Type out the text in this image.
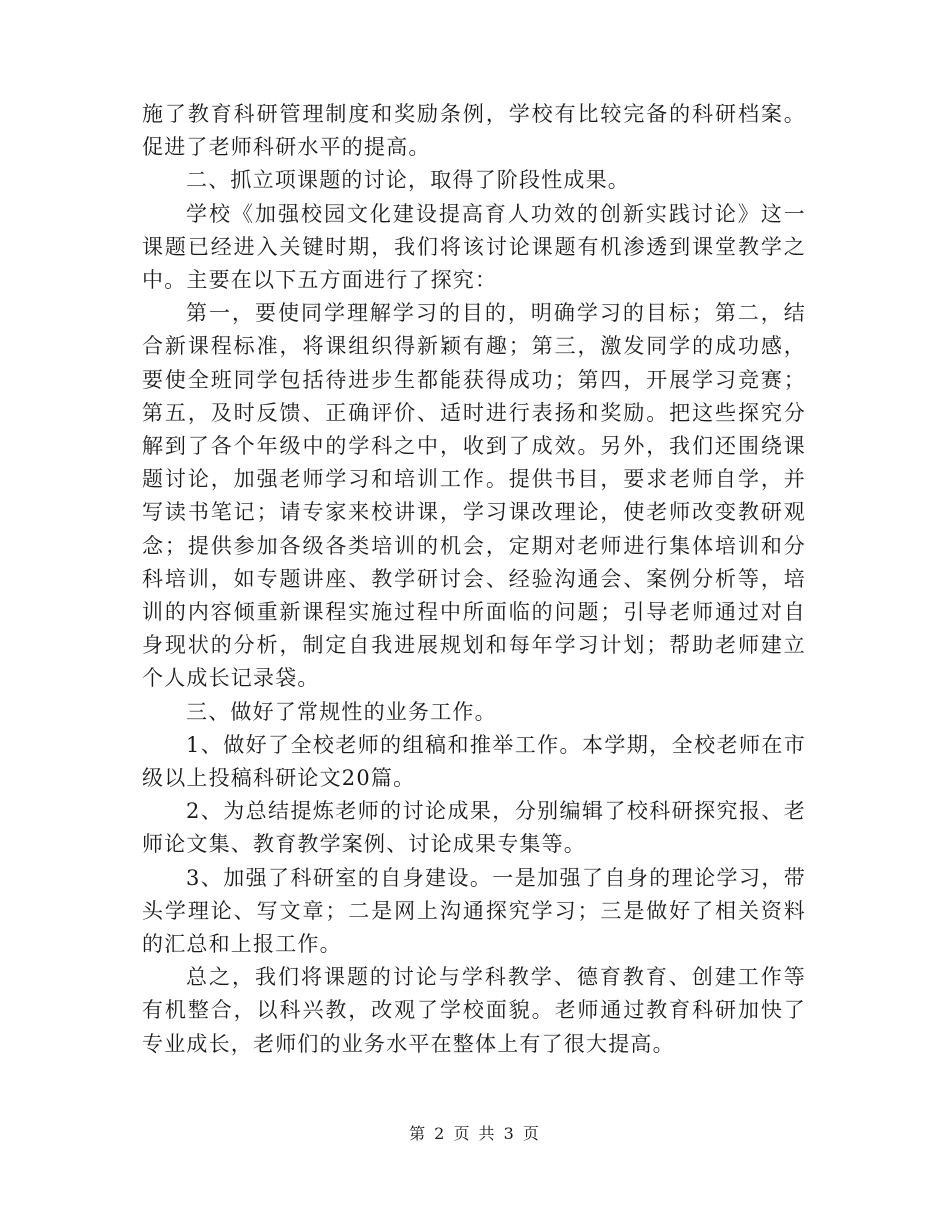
施了教育科研管理制度和奖励条例，学校有比较完备的科研档案。促进了老师科研水平的提高。

二、抓立项课题的讨论，取得了阶段性成果。

学校《加强校园文化建设提高育人功效的创新实践讨论》这一课题已经进入关键时期，我们将该讨论课题有机渗透到课堂教学之中。主要在以下五方面进行了探究：

第一，要使同学理解学习的目的，明确学习的目标；第二，结合新课程标准，将课组织得新颖有趣；第三，激发同学的成功感，要使全班同学包括待进步生都能获得成功；第四，开展学习竞赛；第五，及时反馈、正确评价、适时进行表扬和奖励。把这些探究分解到了各个年级中的学科之中，收到了成效。另外，我们还围绕课题讨论，加强老师学习和培训工作。提供书目，要求老师自学，并写读书笔记；请专家来校讲课，学习课改理论，使老师改变教研观念；提供参加各级各类培训的机会，定期对老师进行集体培训和分科培训，如专题讲座、教学研讨会、经验沟通会、案例分析等，培训的内容倾重新课程实施过程中所面临的问题；引导老师通过对自身现状的分析，制定自我进展规划和每年学习计划；帮助老师建立个人成长记录袋。

三、做好了常规性的业务工作。

1、做好了全校老师的组稿和推举工作。本学期，全校老师在市级以上投稿科研论文20篇。

2、为总结提炼老师的讨论成果，分别编辑了校科研探究报、老师论文集、教育教学案例、讨论成果专集等。

3、加强了科研室的自身建设。一是加强了自身的理论学习，带头学理论、写文章；二是网上沟通探究学习；三是做好了相关资料的汇总和上报工作。

总之，我们将课题的讨论与学科教学、德育教育、创建工作等有机整合，以科兴教，改观了学校面貌。老师通过教育科研加快了专业成长，老师们的业务水平在整体上有了很大提高。

第 2 页 共 3 页
